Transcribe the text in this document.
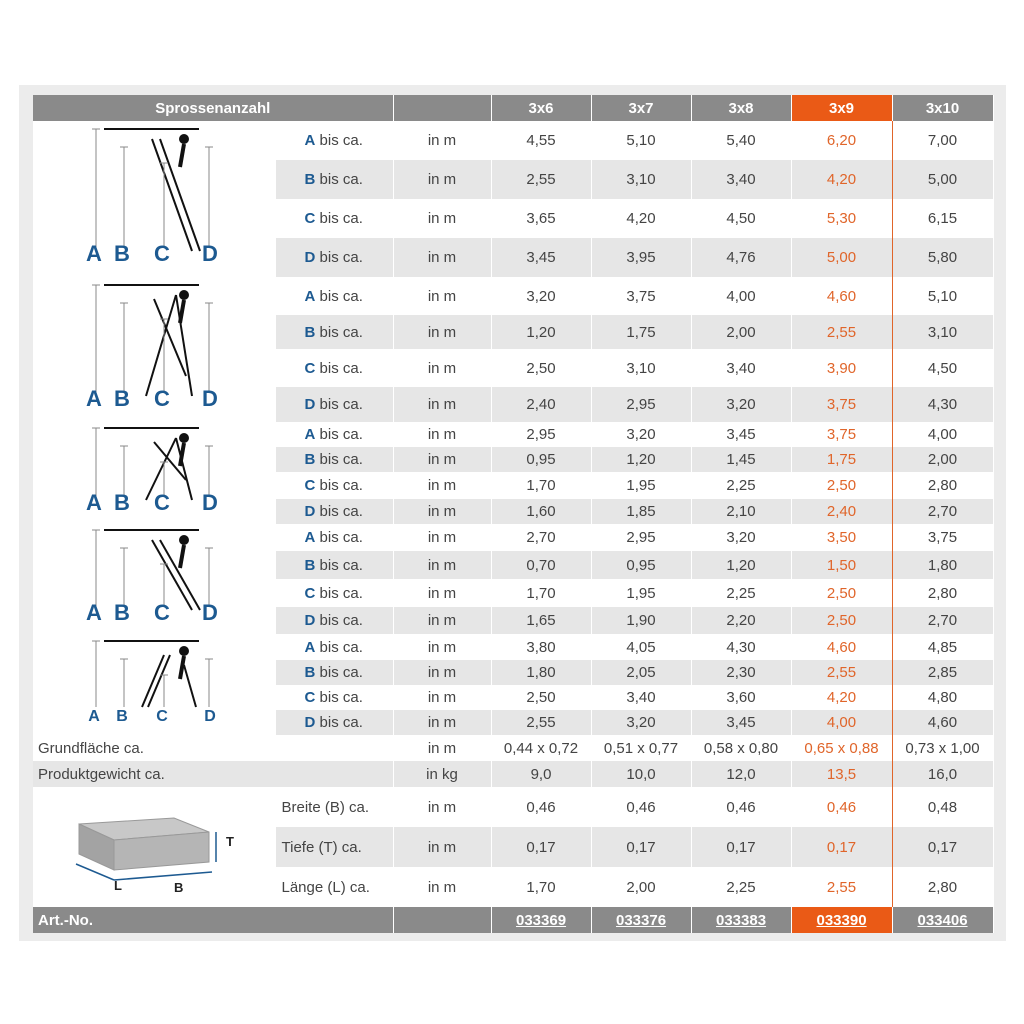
Sprossenanzahl			3x6	3x7	3x8	3x9	3x10

A B C D	A bis ca.	in m	4,55	5,10	5,40	6,20	7,00
	B bis ca.	in m	2,55	3,10	3,40	4,20	5,00
	C bis ca.	in m	3,65	4,20	4,50	5,30	6,15
	D bis ca.	in m	3,45	3,95	4,76	5,00	5,80

A B C D	A bis ca.	in m	3,20	3,75	4,00	4,60	5,10
	B bis ca.	in m	1,20	1,75	2,00	2,55	3,10
	C bis ca.	in m	2,50	3,10	3,40	3,90	4,50
	D bis ca.	in m	2,40	2,95	3,20	3,75	4,30

A B C D	A bis ca.	in m	2,95	3,20	3,45	3,75	4,00
	B bis ca.	in m	0,95	1,20	1,45	1,75	2,00
	C bis ca.	in m	1,70	1,95	2,25	2,50	2,80
	D bis ca.	in m	1,60	1,85	2,10	2,40	2,70

A B C D	A bis ca.	in m	2,70	2,95	3,20	3,50	3,75
	B bis ca.	in m	0,70	0,95	1,20	1,50	1,80
	C bis ca.	in m	1,70	1,95	2,25	2,50	2,80
	D bis ca.	in m	1,65	1,90	2,20	2,50	2,70

A B C D	A bis ca.	in m	3,80	4,05	4,30	4,60	4,85
	B bis ca.	in m	1,80	2,05	2,30	2,55	2,85
	C bis ca.	in m	2,50	3,40	3,60	4,20	4,80
	D bis ca.	in m	2,55	3,20	3,45	4,00	4,60
Grundfläche ca.		in m	0,44 x 0,72	0,51 x 0,77	0,58 x 0,80	0,65 x 0,88	0,73 x 1,00
Produktgewicht ca.		in kg	9,0	10,0	12,0	13,5	16,0

T
L B	Breite (B) ca.	in m	0,46	0,46	0,46	0,46	0,48
	Tiefe (T) ca.	in m	0,17	0,17	0,17	0,17	0,17
	Länge (L) ca.	in m	1,70	2,00	2,25	2,55	2,80
Art.-No.			033369	033376	033383	033390	033406
